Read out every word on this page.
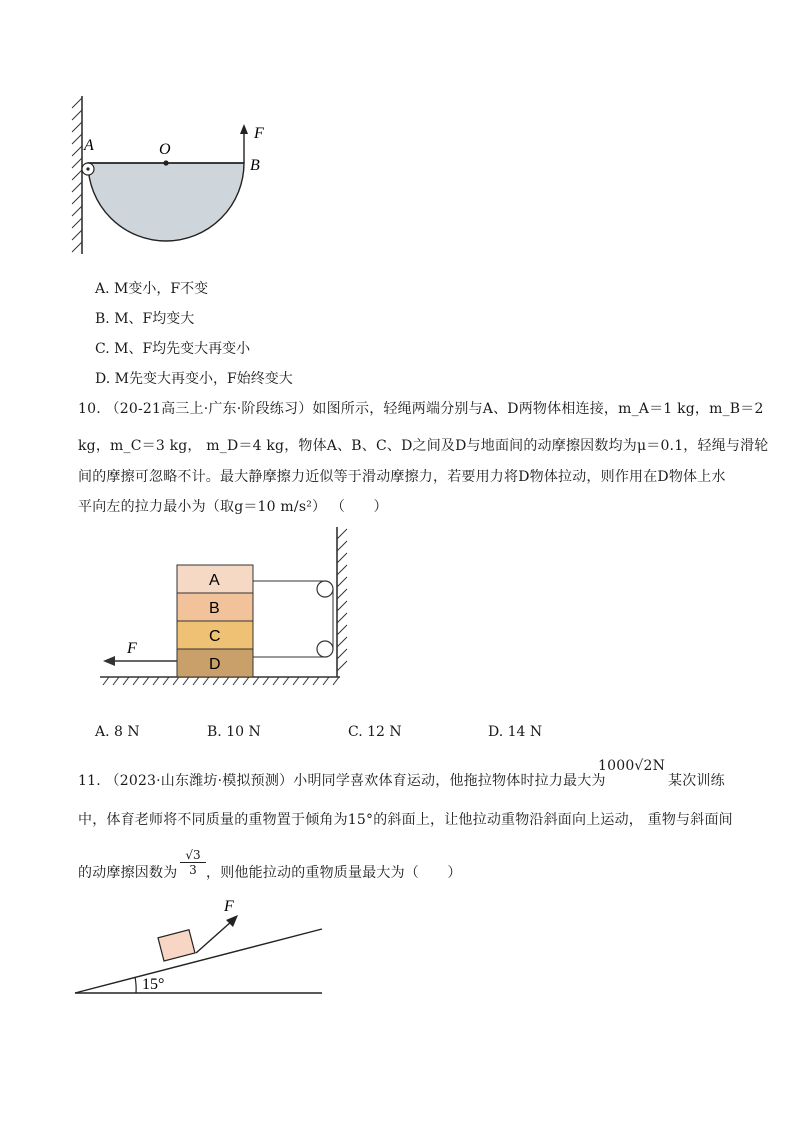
A	O
B
F
A. M变小，F不变
B. M、F均变大
C. M、F均先变大再变小
D. M先变大再变小，F始终变大
10. （20-21高三上·广东·阶段练习）如图所示，轻绳两端分别与A、D两物体相连接，m_A＝1 kg，m_B＝2
kg，m_C＝3 kg， m_D＝4 kg，物体A、B、C、D之间及D与地面间的动摩擦因数均为μ＝0.1，轻绳与滑轮
间的摩擦可忽略不计。最大静摩擦力近似等于滑动摩擦力，若要用力将D物体拉动，则作用在D物体上水
平向左的拉力最小为（取g＝10 m/s²） （　　）
A
B
C
D
F
A. 8 N	B. 10 N	C. 12 N	D. 14 N
11. （2023·山东潍坊·模拟预测）小明同学喜欢体育运动，他拖拉物体时拉力最大为
1000√2N
某次训练
中，体育老师将不同质量的重物置于倾角为15°的斜面上，让他拉动重物沿斜面向上运动， 重物与斜面间
的动摩擦因数为 $\frac{√3}{3}$ ，则他能拉动的重物质量最大为（　　）
F
15°
